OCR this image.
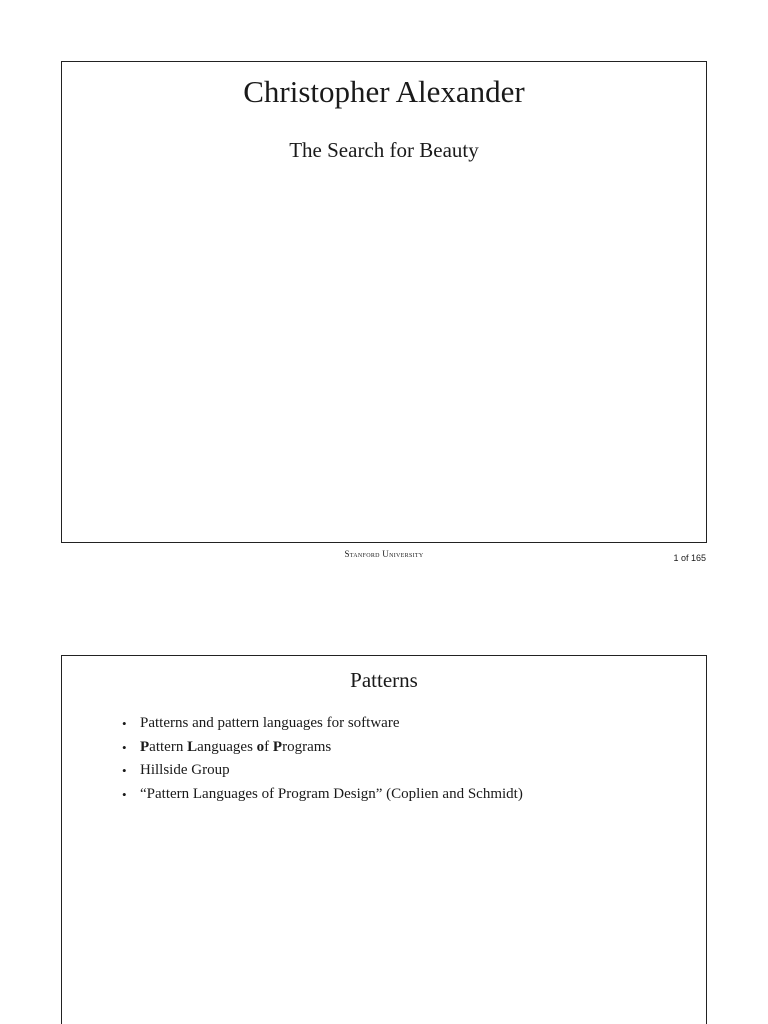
Christopher Alexander
The Search for Beauty
Stanford University	1 of 165
Patterns
• Patterns and pattern languages for software
• Pattern Languages of Programs
• Hillside Group
• “Pattern Languages of Program Design” (Coplien and Schmidt)
